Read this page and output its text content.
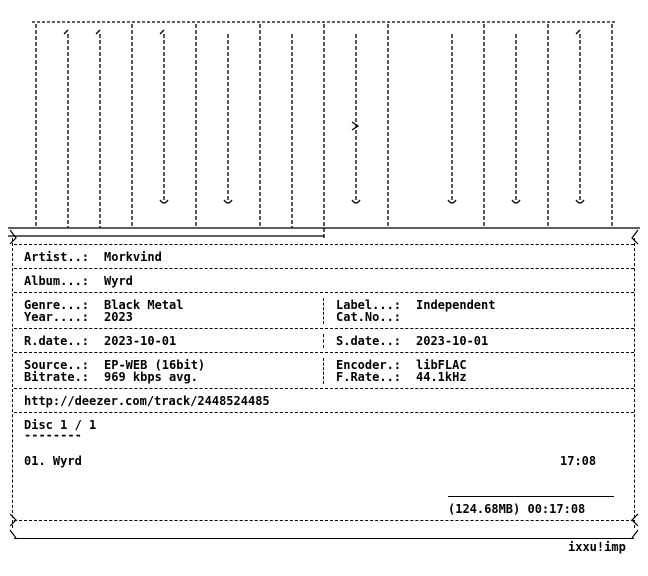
Artist..: Morkvind
Album...: Wyrd
Genre...: Black Metal
Year....: 2023
Label...: Independent
Cat.No..:
R.date..: 2023-10-01	S.date..: 2023-10-01
Source..: EP-WEB (16bit)
Bitrate.: 969 kbps avg.
Encoder.: libFLAC
F.Rate..: 44.1kHz
http://deezer.com/track/2448524485
Disc 1 / 1
--------
01. Wyrd	17:08
(124.68MB) 00:17:08
ixxu!imp
